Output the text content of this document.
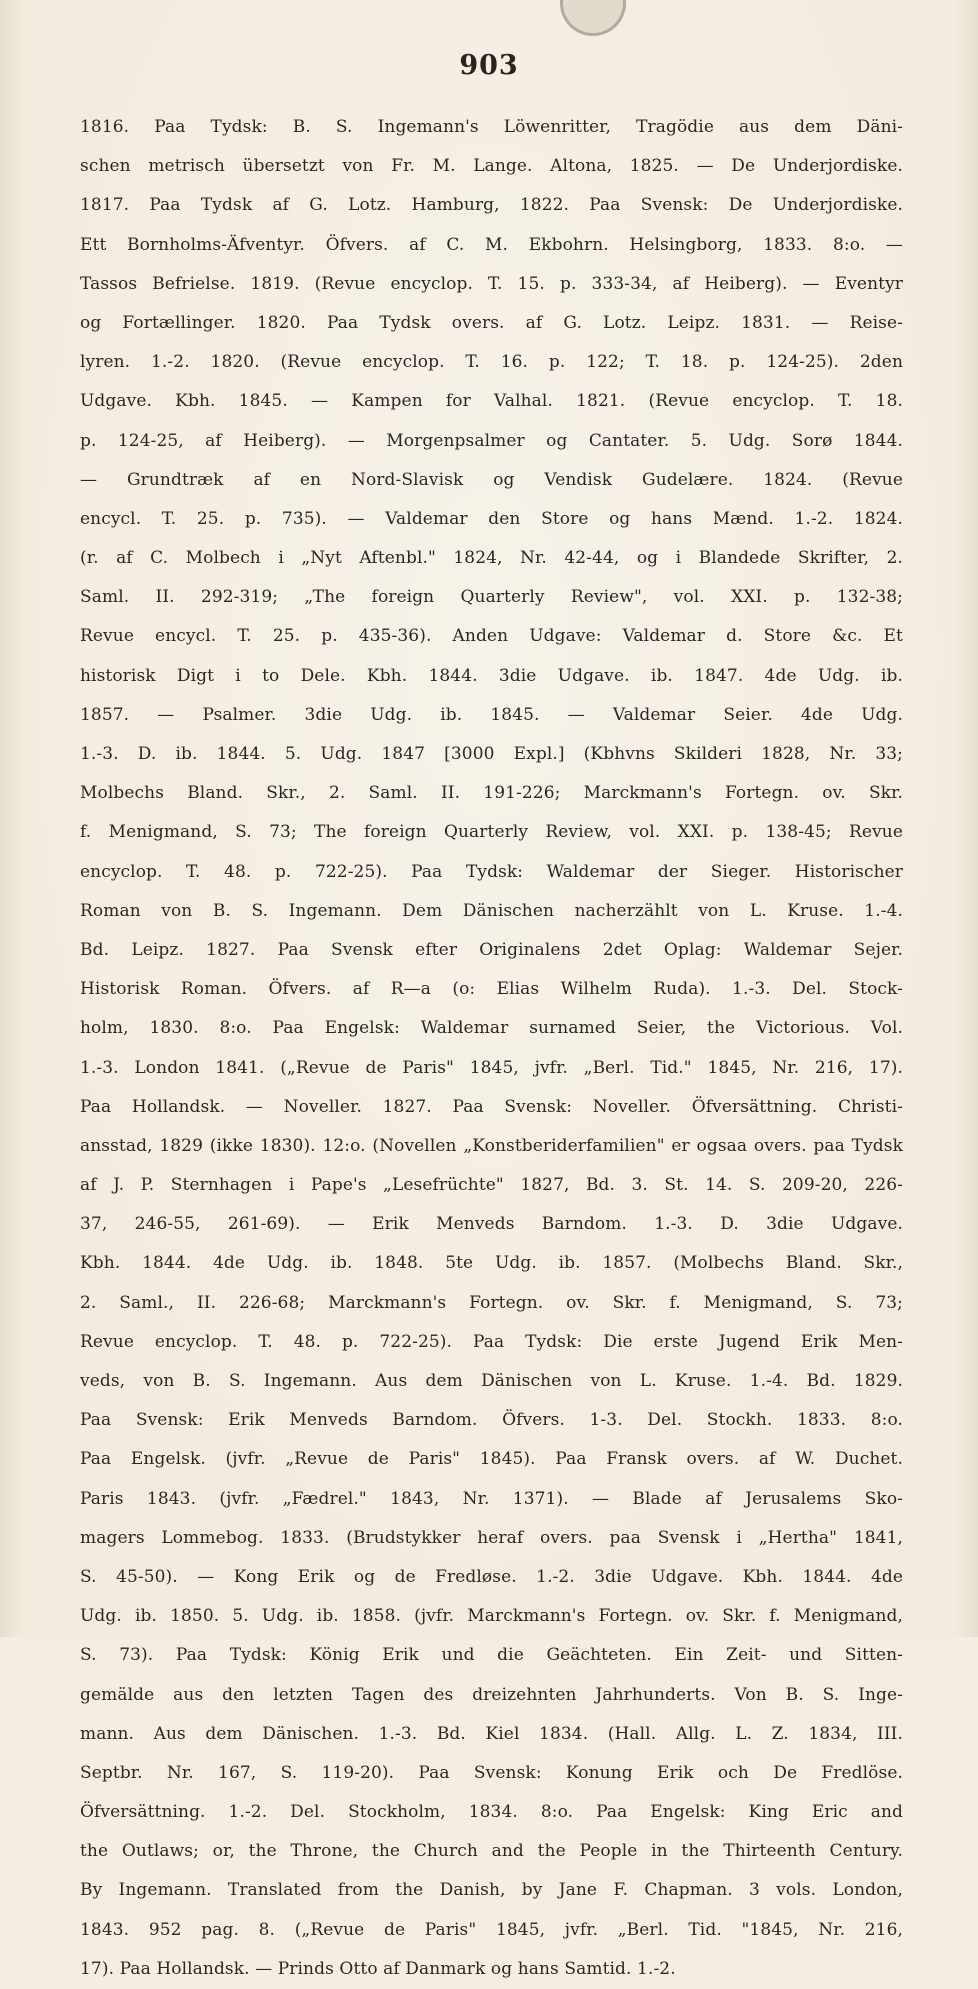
903
1816. Paa Tydsk: B. S. Ingemann's Löwenritter, Tragödie aus dem Däni-
schen metrisch übersetzt von Fr. M. Lange. Altona, 1825. — De Underjordiske.
1817. Paa Tydsk af G. Lotz. Hamburg, 1822. Paa Svensk: De Underjordiske.
Ett Bornholms-Äfventyr. Öfvers. af C. M. Ekbohrn. Helsingborg, 1833. 8:o. —
Tassos Befrielse. 1819. (Revue encyclop. T. 15. p. 333-34, af Heiberg). — Eventyr
og Fortællinger. 1820. Paa Tydsk overs. af G. Lotz. Leipz. 1831. — Reise-
lyren. 1.-2. 1820. (Revue encyclop. T. 16. p. 122; T. 18. p. 124-25). 2den
Udgave. Kbh. 1845. — Kampen for Valhal. 1821. (Revue encyclop. T. 18.
p. 124-25, af Heiberg). — Morgenpsalmer og Cantater. 5. Udg. Sorø 1844.
— Grundtræk af en Nord-Slavisk og Vendisk Gudelære. 1824. (Revue
encycl. T. 25. p. 735). — Valdemar den Store og hans Mænd. 1.-2. 1824.
(r. af C. Molbech i „Nyt Aftenbl." 1824, Nr. 42-44, og i Blandede Skrifter, 2.
Saml. II. 292-319; „The foreign Quarterly Review", vol. XXI. p. 132-38;
Revue encycl. T. 25. p. 435-36). Anden Udgave: Valdemar d. Store &c. Et
historisk Digt i to Dele. Kbh. 1844. 3die Udgave. ib. 1847. 4de Udg. ib.
1857. — Psalmer. 3die Udg. ib. 1845. — Valdemar Seier. 4de Udg.
1.-3. D. ib. 1844. 5. Udg. 1847 [3000 Expl.] (Kbhvns Skilderi 1828, Nr. 33;
Molbechs Bland. Skr., 2. Saml. II. 191-226; Marckmann's Fortegn. ov. Skr.
f. Menigmand, S. 73; The foreign Quarterly Review, vol. XXI. p. 138-45; Revue
encyclop. T. 48. p. 722-25). Paa Tydsk: Waldemar der Sieger. Historischer
Roman von B. S. Ingemann. Dem Dänischen nacherzählt von L. Kruse. 1.-4.
Bd. Leipz. 1827. Paa Svensk efter Originalens 2det Oplag: Waldemar Sejer.
Historisk Roman. Öfvers. af R—a (o: Elias Wilhelm Ruda). 1.-3. Del. Stock-
holm, 1830. 8:o. Paa Engelsk: Waldemar surnamed Seier, the Victorious. Vol.
1.-3. London 1841. („Revue de Paris" 1845, jvfr. „Berl. Tid." 1845, Nr. 216, 17).
Paa Hollandsk. — Noveller. 1827. Paa Svensk: Noveller. Öfversättning. Christi-
ansstad, 1829 (ikke 1830). 12:o. (Novellen „Konstberiderfamilien" er ogsaa overs. paa Tydsk
af J. P. Sternhagen i Pape's „Lesefrüchte" 1827, Bd. 3. St. 14. S. 209-20, 226-
37, 246-55, 261-69). — Erik Menveds Barndom. 1.-3. D. 3die Udgave.
Kbh. 1844. 4de Udg. ib. 1848. 5te Udg. ib. 1857. (Molbechs Bland. Skr.,
2. Saml., II. 226-68; Marckmann's Fortegn. ov. Skr. f. Menigmand, S. 73;
Revue encyclop. T. 48. p. 722-25). Paa Tydsk: Die erste Jugend Erik Men-
veds, von B. S. Ingemann. Aus dem Dänischen von L. Kruse. 1.-4. Bd. 1829.
Paa Svensk: Erik Menveds Barndom. Öfvers. 1-3. Del. Stockh. 1833. 8:o.
Paa Engelsk. (jvfr. „Revue de Paris" 1845). Paa Fransk overs. af W. Duchet.
Paris 1843. (jvfr. „Fædrel." 1843, Nr. 1371). — Blade af Jerusalems Sko-
magers Lommebog. 1833. (Brudstykker heraf overs. paa Svensk i „Hertha" 1841,
S. 45-50). — Kong Erik og de Fredløse. 1.-2. 3die Udgave. Kbh. 1844. 4de
Udg. ib. 1850. 5. Udg. ib. 1858. (jvfr. Marckmann's Fortegn. ov. Skr. f. Menigmand,
S. 73). Paa Tydsk: König Erik und die Geächteten. Ein Zeit- und Sitten-
gemälde aus den letzten Tagen des dreizehnten Jahrhunderts. Von B. S. Inge-
mann. Aus dem Dänischen. 1.-3. Bd. Kiel 1834. (Hall. Allg. L. Z. 1834, III.
Septbr. Nr. 167, S. 119-20). Paa Svensk: Konung Erik och De Fredlöse.
Öfversättning. 1.-2. Del. Stockholm, 1834. 8:o. Paa Engelsk: King Eric and
the Outlaws; or, the Throne, the Church and the People in the Thirteenth Century.
By Ingemann. Translated from the Danish, by Jane F. Chapman. 3 vols. London,
1843. 952 pag. 8. („Revue de Paris" 1845, jvfr. „Berl. Tid. "1845, Nr. 216,
17). Paa Hollandsk. — Prinds Otto af Danmark og hans Samtid. 1.-2.
